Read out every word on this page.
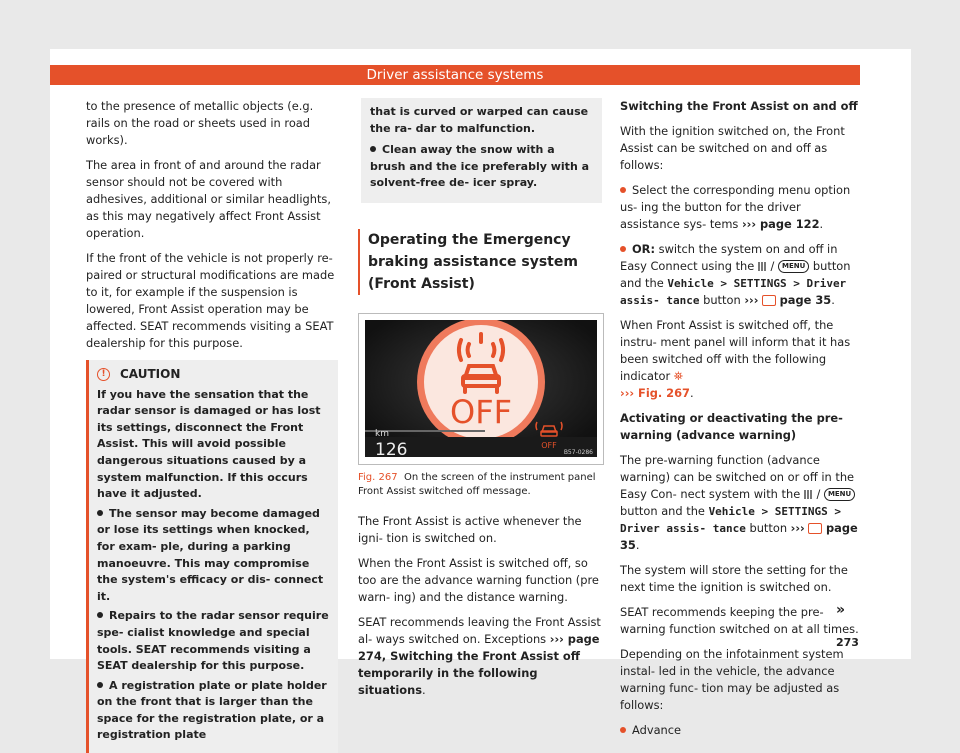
Driver assistance systems

to the presence of metallic objects (e.g. rails on the road or sheets used in road works).

The area in front of and around the radar sensor should not be covered with adhesives, additional or similar headlights, as this may negatively affect Front Assist operation.

If the front of the vehicle is not properly re- paired or structural modifications are made to it, for example if the suspension is lowered, Front Assist operation may be affected. SEAT recommends visiting a SEAT dealership for this purpose.

!	CAUTION

If you have the sensation that the radar sensor is damaged or has lost its settings, disconnect the Front Assist. This will avoid possible dangerous situations caused by a system malfunction. If this occurs have it adjusted.

The sensor may become damaged or lose its settings when knocked, for exam- ple, during a parking manoeuvre. This may compromise the system's efficacy or dis- connect it.

Repairs to the radar sensor require spe- cialist knowledge and special tools. SEAT recommends visiting a SEAT dealership for this purpose.

A registration plate or plate holder on the front that is larger than the space for the registration plate, or a registration plate

that is curved or warped can cause the ra- dar to malfunction.

Clean away the snow with a brush and the ice preferably with a solvent-free de- icer spray.

Operating the Emergency braking assistance system (Front Assist)
OFF
km
126	OFF
B57-0286
Fig. 267 On the screen of the instrument panel Front Assist switched off message.

The Front Assist is active whenever the igni- tion is switched on.

When the Front Assist is switched off, so too are the advance warning function (pre warn- ing) and the distance warning.

SEAT recommends leaving the Front Assist al- ways switched on. Exceptions ››› page 274, Switching the Front Assist off temporarily in the following situations.

Switching the Front Assist on and off

With the ignition switched on, the Front Assist can be switched on and off as follows:

Select the corresponding menu option us- ing the button for the driver assistance sys- tems ››› page 122.

OR: switch the system on and off in Easy Connect using the  / MENU button and the Vehicle > SETTINGS > Driver assis- tance button ››› page 35.

When Front Assist is switched off, the instru- ment panel will inform that it has been switched off with the following indicator ⛯
››› Fig. 267.

Activating or deactivating the pre-warning (advance warning)

The pre-warning function (advance warning) can be switched on or off in the Easy Con- nect system with the  / MENU button and the Vehicle > SETTINGS > Driver assis- tance button ››› page 35.

The system will store the setting for the next time the ignition is switched on.

SEAT recommends keeping the pre-warning function switched on at all times.

Depending on the infotainment system instal- led in the vehicle, the advance warning func- tion may be adjusted as follows:

Advance

»
273
